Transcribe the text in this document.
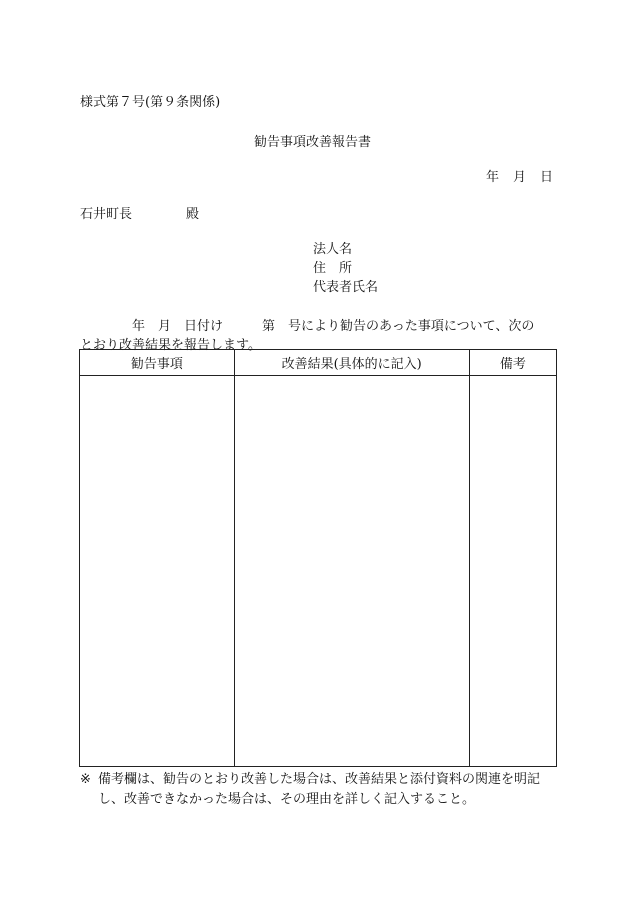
様式第７号(第９条関係)
勧告事項改善報告書
年 月 日
石井町長	殿
法人名
住　所
代表者氏名
年　月　日付け　　　第　号により勧告のあった事項について、次の
とおり改善結果を報告します。
勧告事項	改善結果(具体的に記入)	備考

※ 備考欄は、勧告のとおり改善した場合は、改善結果と添付資料の関連を明記
し、改善できなかった場合は、その理由を詳しく記入すること。
